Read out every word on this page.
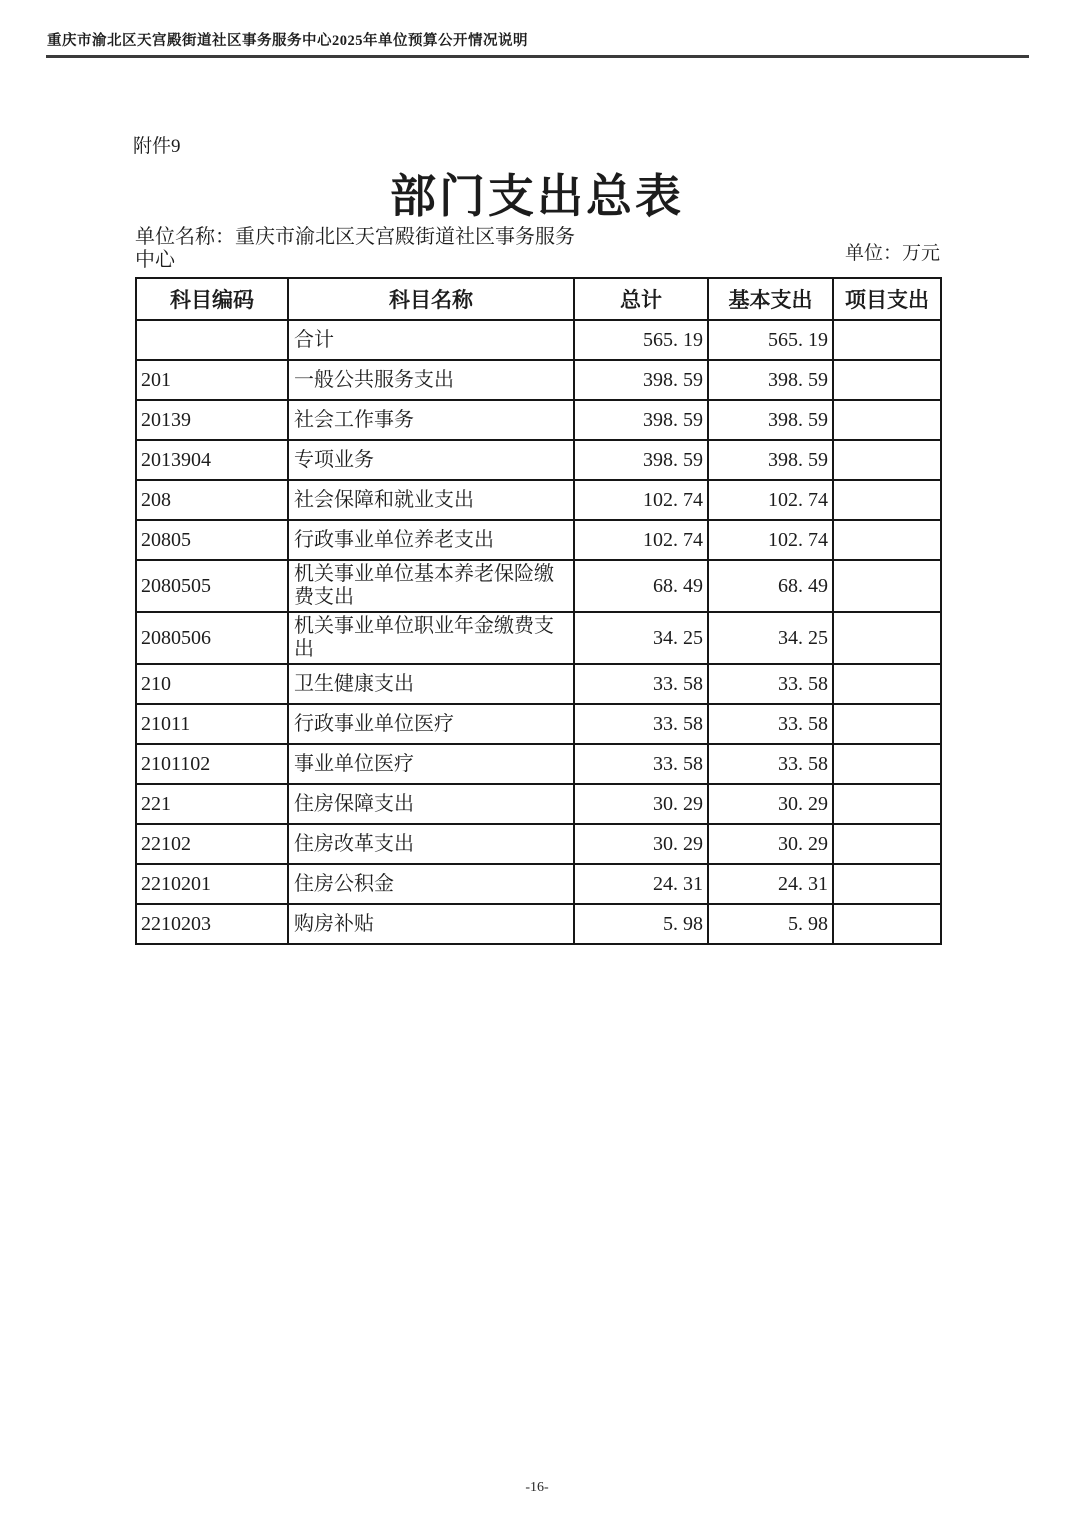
重庆市渝北区天宫殿街道社区事务服务中心2025年单位预算公开情况说明
附件9
部门支出总表
单位名称：重庆市渝北区天宫殿街道社区事务服务中心	单位：万元
科目编码	科目名称	总计	基本支出	项目支出
	合计	565. 19	565. 19	
201	一般公共服务支出	398. 59	398. 59	
20139	社会工作事务	398. 59	398. 59	
2013904	专项业务	398. 59	398. 59	
208	社会保障和就业支出	102. 74	102. 74	
20805	行政事业单位养老支出	102. 74	102. 74	
2080505	机关事业单位基本养老保险缴费支出	68. 49	68. 49	
2080506	机关事业单位职业年金缴费支出	34. 25	34. 25	
210	卫生健康支出	33. 58	33. 58	
21011	行政事业单位医疗	33. 58	33. 58	
2101102	事业单位医疗	33. 58	33. 58	
221	住房保障支出	30. 29	30. 29	
22102	住房改革支出	30. 29	30. 29	
2210201	住房公积金	24. 31	24. 31	
2210203	购房补贴	5. 98	5. 98	
-16-
